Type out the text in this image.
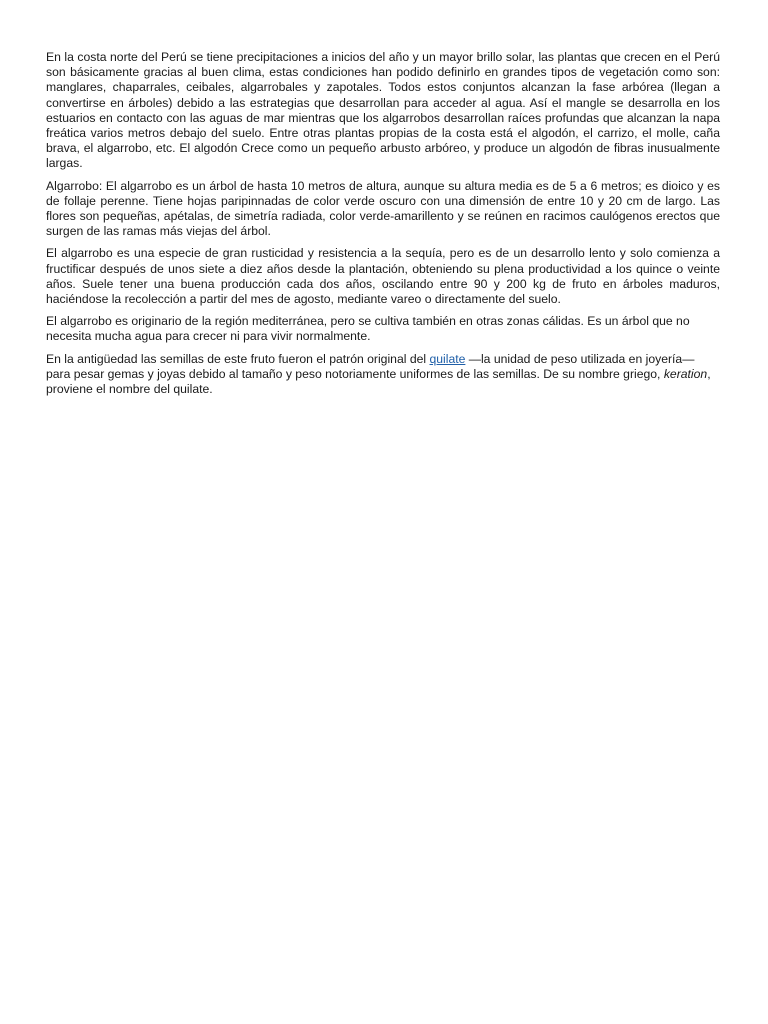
En la costa norte del Perú se tiene precipitaciones a inicios del año y un mayor brillo solar, las plantas que crecen en el Perú son básicamente gracias al buen clima, estas condiciones han podido definirlo en grandes tipos de vegetación como son: manglares, chaparrales, ceibales, algarrobales y zapotales. Todos estos conjuntos alcanzan la fase arbórea (llegan a convertirse en árboles) debido a las estrategias que desarrollan para acceder al agua. Así el mangle se desarrolla en los estuarios en contacto con las aguas de mar mientras que los algarrobos desarrollan raíces profundas que alcanzan la napa freática varios metros debajo del suelo. Entre otras plantas propias de la costa está el algodón, el carrizo, el molle, caña brava, el algarrobo, etc. El algodón Crece como un pequeño arbusto arbóreo, y produce un algodón de fibras inusualmente largas.

Algarrobo: El algarrobo es un árbol de hasta 10 metros de altura, aunque su altura media es de 5 a 6 metros; es dioico y es de follaje perenne. Tiene hojas paripinnadas de color verde oscuro con una dimensión de entre 10 y 20 cm de largo. Las flores son pequeñas, apétalas, de simetría radiada, color verde-amarillento y se reúnen en racimos caulógenos erectos que surgen de las ramas más viejas del árbol.

El algarrobo es una especie de gran rusticidad y resistencia a la sequía, pero es de un desarrollo lento y solo comienza a fructificar después de unos siete a diez años desde la plantación, obteniendo su plena productividad a los quince o veinte años. Suele tener una buena producción cada dos años, oscilando entre 90 y 200 kg de fruto en árboles maduros, haciéndose la recolección a partir del mes de agosto, mediante vareo o directamente del suelo.

El algarrobo es originario de la región mediterránea, pero se cultiva también en otras zonas cálidas. Es un árbol que no necesita mucha agua para crecer ni para vivir normalmente.

En la antigüedad las semillas de este fruto fueron el patrón original del quilate —la unidad de peso utilizada en joyería— para pesar gemas y joyas debido al tamaño y peso notoriamente uniformes de las semillas. De su nombre griego, keration, proviene el nombre del quilate.
